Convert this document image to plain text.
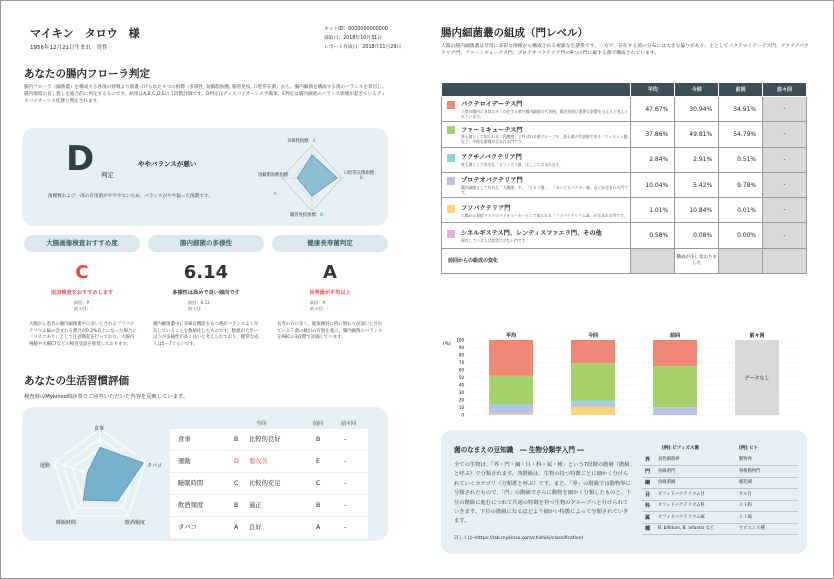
マイキン　タロウ　様
1956年12月21日生まれ　男性
キットID：0000000000000
採取日：2018年10月31日
レポート作成日：2018年11月29日
あなたの腸内フローラ判定
腸内フローラ（細菌叢）を構成する各菌の特徴より菌叢づけられた４つの指標（多様性, 短鎖脂肪酸, 腸管免疫, 口腔常在菌）から、腸内細菌を構成する菌のバランスを算出し、腸内環境の良し悪しを総合的に判定するものです。結果はA,B,C,D,Eの５段階評価です。D判定はディスバイオーシス予備軍、E判定は腸内細菌のバランス崩壊が起きているディスバイオーシス状態と判定されます。
D 判定
ややバランスが悪い
菌種数および一部の有用菌がやや少ないため、バランスがやや偏った菌叢です。
多様性指標：B
短鎖脂肪酸指標：
A
口腔常在菌指標：
B
腸管免疫指標：B
大腸画像検査おすすめ度	腸内細菌の多様性	健康長寿菌判定
C	6.14	A
追加検査をおすすめします	多様性は高めで良い傾向です	長寿菌が平均以上
前回：A
前々回：-
前回：6.12
前々回：-
前回：A
前々回：-
大腸がん患者の腸内細菌叢中に多いとされるフソバクテリウム属の含まれる割合が0.2%以上になった場合に「リスクあり」として注意喚起を行っており、大腸内視鏡や大腸CTなどの検査受診を推奨しております。
腸内細菌叢中に多様な機能をもつ菌がバランスよく存在していることを数値化したものです。数値が大きいほうが多様性が高く良いと考えられており、健常な成人は5〜7ぐらいです。
長寿の方に多く、健康維持に特に関わりが深いとされている７菌の検出の有無を基に、腸内細菌のバランスをABCの3段階で評価しています。
あなたの生活習慣評価
検査時のMykinso問診票でご回答いただいた内容を反映しています。
食事
タバコ
飲酒頻度
睡眠時間
運動
今回	前回	前々回
食事	B 比較的良好	B	-
運動	D 要改善	E	-
睡眠時間	C 比較的充足	C	-
飲酒頻度	B 適正	B	-
タバコ	A 良好	A	-
腸内細菌叢の組成（門レベル）
人間の腸内細菌叢は非常に多彩な菌種から構成される複雑な生態系です。一方で、存在する菌の分布には大きな偏りがあり、主としてバクテロイデーテス門、アクチノバクテリア門、ファーミキューテス門、プロテオバクテリア門の4つの門に属する菌で構成されています。
	平均	今回	前回	前々回

バクテロイデーテス門
人間の腸内に非常に多く存在する菌で腸内細菌の代表格。腸内免疫に重要な影響を与えると考えられています。	47.67%	30.94%	34.91%	-

ファーミキューテス門
善玉菌として知られる「乳酸菌」と呼ばれる菌グループや、悪玉菌の代表格である「ウェルシュ菌」など、多様な菌種が含まれる門です。	37.86%	49.81%	54.79%	-

アクチノバクテリア門
善玉菌として有名な「ビフィズス菌」はここに含まれます。	2.84%	2.91%	0.51%	-

プロテオバクテリア門
腸内細菌として有名な「大腸菌」や、「ピロリ菌」、「カンピロバクター属」などが含まれる門です。	10.04%	5.42%	9.78%	-

フソバクテリア門
大腸がん発症リスクのバイオマーカーとして知られる「フソバクテリウム属」が含まれる門です。	1.01%	10.84%	0.01%	-

シネルギステス門、レンティスファエラ門、その他
保有している人は非常に少ない門です。	0.58%	0.08%	0.00%	-
前回からの組成の変化		構成が少し変わりました		
(%)
100
90
80
70
60
50
40
30
20
10
0
平均	今回	前回	前々回
データなし
菌のなまえの豆知識　― 生物分類学入門 ―
全ての生物は、「界・門・綱・目・科・属・種」という7段階の階層（階級と呼ぶ）で分類されます。各階級は、生物の持つ特徴ごとに細かく分けられていくカテゴリ（分類群と呼ぶ）です。また、「界」の階級では動物界に分類されたもので、「門」の階級でさらに動物を細かく分類したものと、下位の階級に進むにつれて共通の特徴を持つ生物のグループへと分けられていきます。下位の階級になるほどより細かい特徴によって分類されていきます。
詳しくは→https://lab.mykinso.com/chishiki/classification/
[例] ビフィズス菌	[例] ヒト
界 真性細菌界	動物界
門 放線菌門	脊椎動物門
綱 放線菌綱	哺乳綱
目 ビフィドバクテリウム目	サル目
科 ビフィドバクテリウム科	ヒト科
属 ビフィドバクテリウム属	ヒト属
種 B. bifidum, B. infantis など	サピエンス種
